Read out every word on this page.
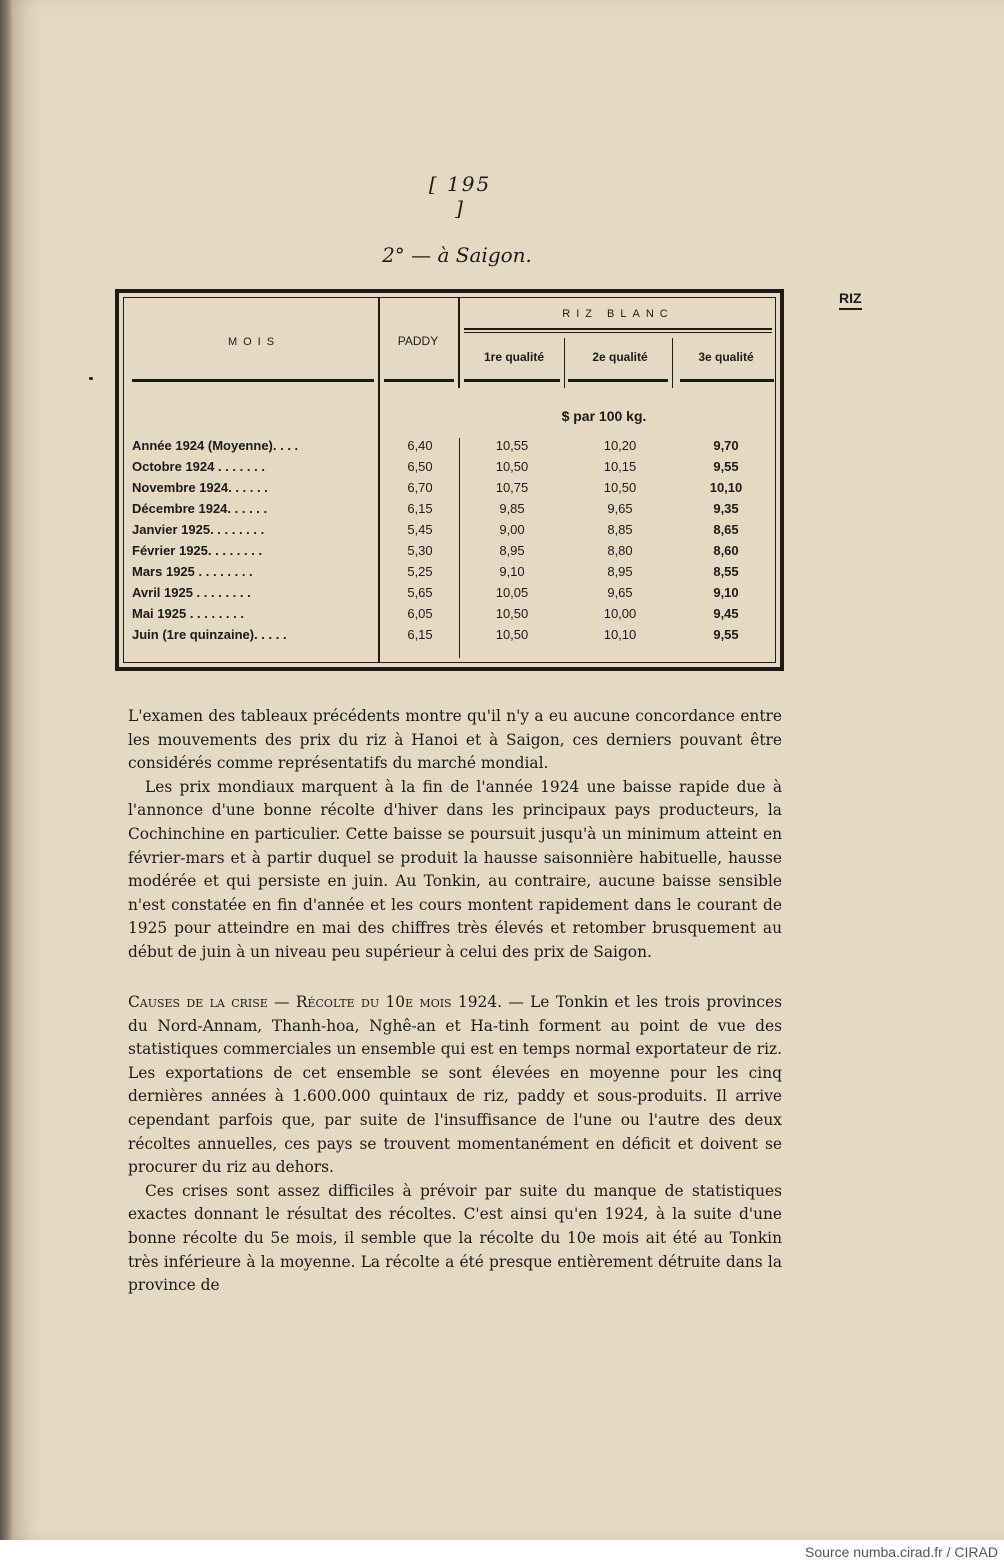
[ 195 ]
2° — à Saigon.
RIZ
MOIS	PADDY
RIZ BLANC
1re qualité	2e qualité	3e qualité
$ par 100 kg.
Année 1924 (Moyenne). . . .	6,40	10,55	10,20	9,70
Octobre 1924 . . . . . . .	6,50	10,50	10,15	9,55
Novembre 1924. . . . . .	6,70	10,75	10,50	10,10
Décembre 1924. . . . . .	6,15	9,85	9,65	9,35
Janvier 1925. . . . . . . .	5,45	9,00	8,85	8,65
Février 1925. . . . . . . .	5,30	8,95	8,80	8,60
Mars 1925 . . . . . . . .	5,25	9,10	8,95	8,55
Avril 1925 . . . . . . . .	5,65	10,05	9,65	9,10
Mai 1925 . . . . . . . .	6,05	10,50	10,00	9,45
Juin (1re quinzaine). . . . .	6,15	10,50	10,10	9,55

L'examen des tableaux précédents montre qu'il n'y a eu aucune concordance entre les mouvements des prix du riz à Hanoi et à Saigon, ces derniers pouvant être considérés comme représentatifs du marché mondial.

Les prix mondiaux marquent à la fin de l'année 1924 une baisse rapide due à l'annonce d'une bonne récolte d'hiver dans les principaux pays producteurs, la Cochinchine en particulier. Cette baisse se poursuit jusqu'à un minimum atteint en février-mars et à partir duquel se produit la hausse saisonnière habituelle, hausse modérée et qui persiste en juin. Au Tonkin, au contraire, aucune baisse sensible n'est constatée en fin d'année et les cours montent rapidement dans le courant de 1925 pour atteindre en mai des chiffres très élevés et retomber brusquement au début de juin à un niveau peu supérieur à celui des prix de Saigon.

Causes de la crise — Récolte du 10e mois 1924. — Le Tonkin et les trois provinces du Nord-Annam, Thanh-hoa, Nghê-an et Ha-tinh forment au point de vue des statistiques commerciales un ensemble qui est en temps normal exportateur de riz. Les exportations de cet ensemble se sont élevées en moyenne pour les cinq dernières années à 1.600.000 quintaux de riz, paddy et sous-produits. Il arrive cependant parfois que, par suite de l'insuffisance de l'une ou l'autre des deux récoltes annuelles, ces pays se trouvent momentanément en déficit et doivent se procurer du riz au dehors.

Ces crises sont assez difficiles à prévoir par suite du manque de statistiques exactes donnant le résultat des récoltes. C'est ainsi qu'en 1924, à la suite d'une bonne récolte du 5e mois, il semble que la récolte du 10e mois ait été au Tonkin très inférieure à la moyenne. La récolte a été presque entièrement détruite dans la province de

Source numba.cirad.fr / CIRAD
